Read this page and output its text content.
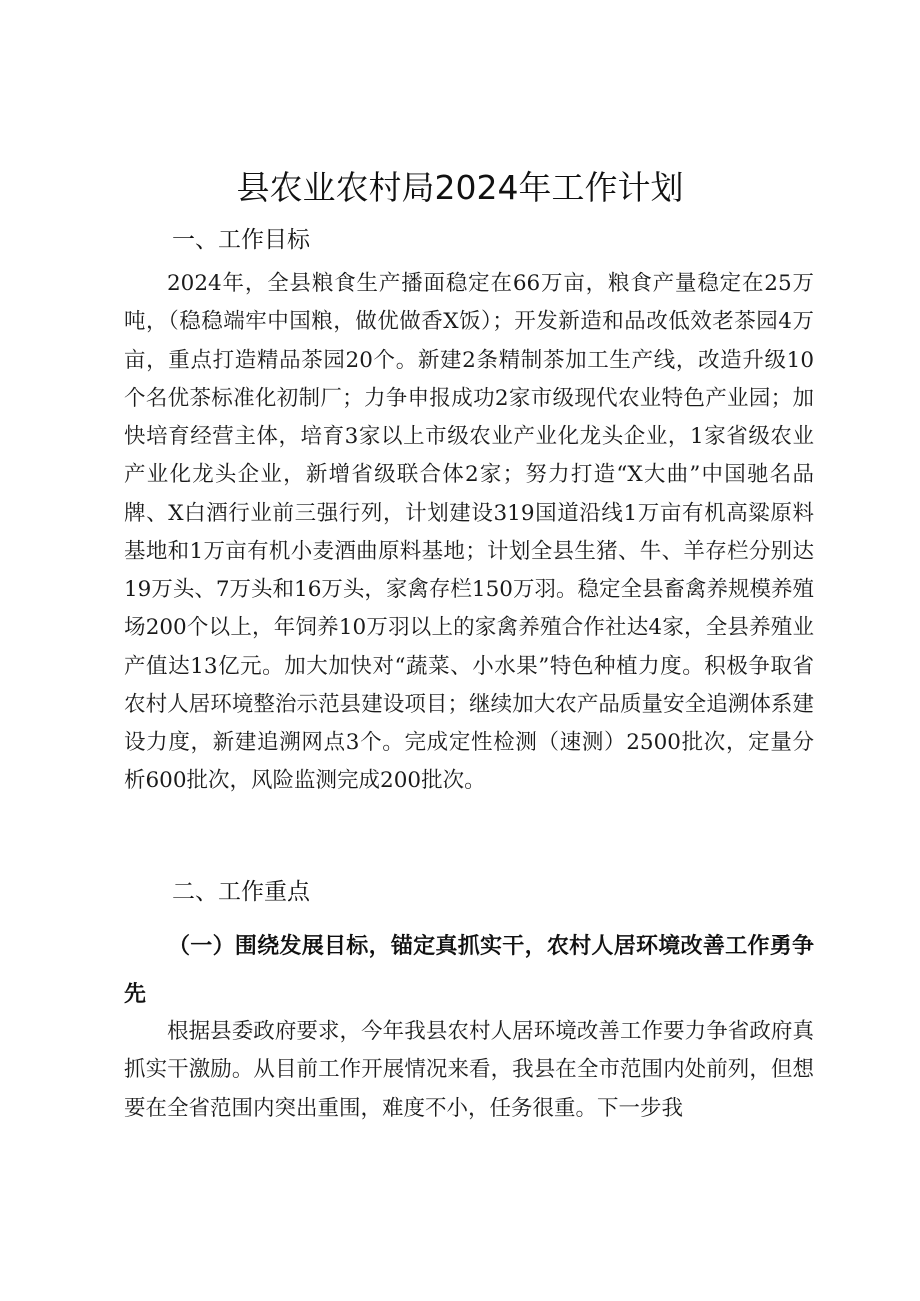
县农业农村局2024年工作计划
一、工作目标

2024年，全县粮食生产播面稳定在66万亩，粮食产量稳定在25万吨，（稳稳端牢中国粮，做优做香X饭）；开发新造和品改低效老茶园4万亩，重点打造精品茶园20个。新建2条精制茶加工生产线，改造升级10个名优茶标准化初制厂；力争申报成功2家市级现代农业特色产业园；加快培育经营主体，培育3家以上市级农业产业化龙头企业，1家省级农业产业化龙头企业，新增省级联合体2家；努力打造“X大曲”中国驰名品牌、X白酒行业前三强行列，计划建设319国道沿线1万亩有机高粱原料基地和1万亩有机小麦酒曲原料基地；计划全县生猪、牛、羊存栏分别达19万头、7万头和16万头，家禽存栏150万羽。稳定全县畜禽养规模养殖场200个以上，年饲养10万羽以上的家禽养殖合作社达4家，全县养殖业产值达13亿元。加大加快对“蔬菜、小水果”特色种植力度。积极争取省农村人居环境整治示范县建设项目；继续加大农产品质量安全追溯体系建设力度，新建追溯网点3个。完成定性检测（速测）2500批次，定量分析600批次，风险监测完成200批次。

二、工作重点

（一）围绕发展目标，锚定真抓实干，农村人居环境改善工作勇争先

根据县委政府要求，今年我县农村人居环境改善工作要力争省政府真抓实干激励。从目前工作开展情况来看，我县在全市范围内处前列，但想要在全省范围内突出重围，难度不小，任务很重。下一步我
